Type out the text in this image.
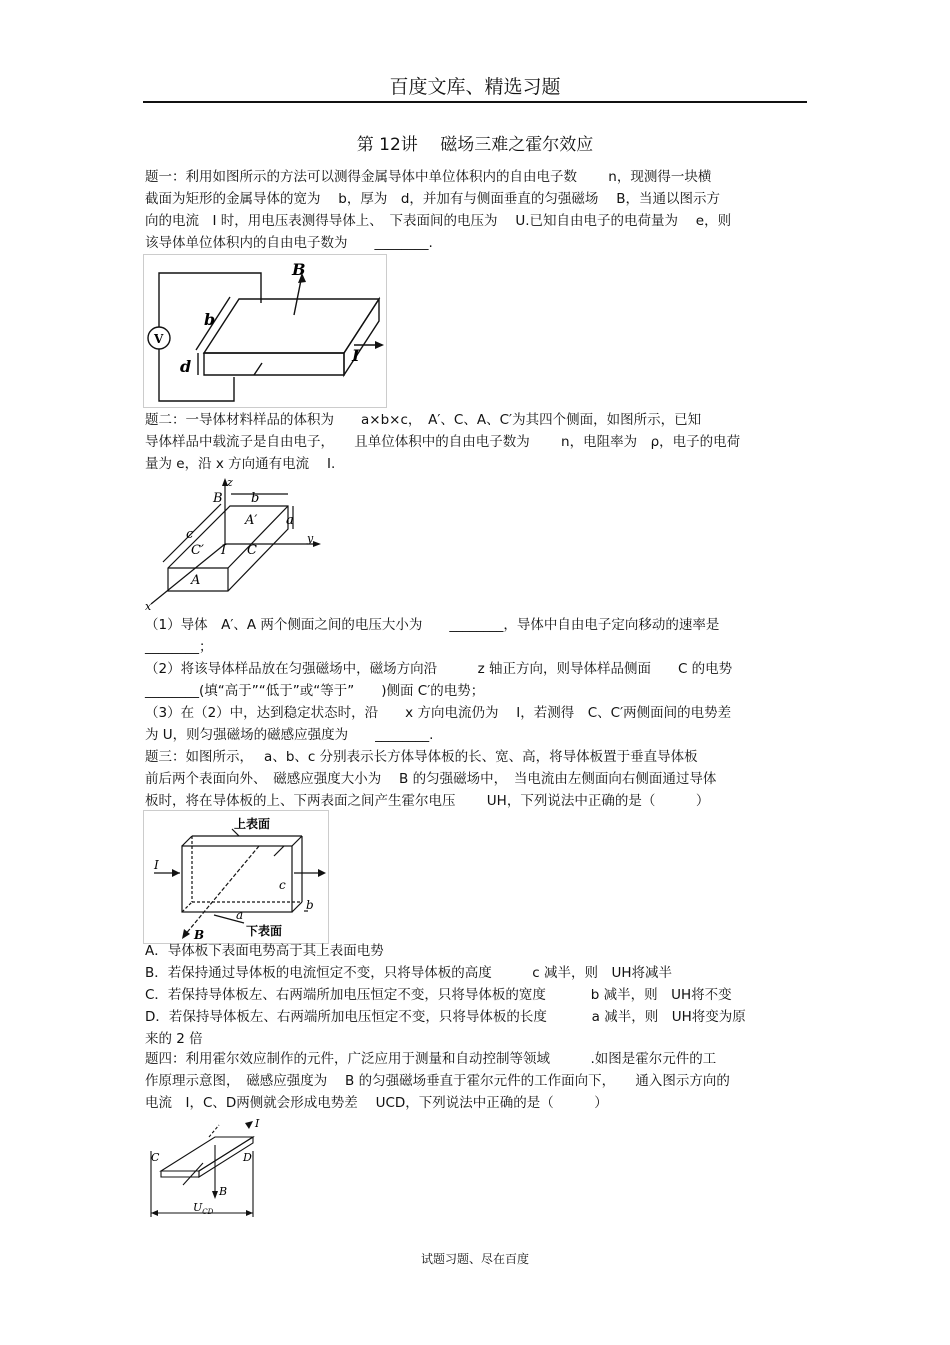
百度文库、精选习题
第 12讲　 磁场三难之霍尔效应
题一：利用如图所示的方法可以测得金属导体中单位体积内的自由电子数　　 n，现测得一块横
截面为矩形的金属导体的宽为　 b，厚为　d，并加有与侧面垂直的匀强磁场　 B，当通以图示方
向的电流　I 时，用电压表测得导体上、　下表面间的电压为　 U.已知自由电子的电荷量为　 e，则
该导体单位体积内的自由电子数为　　________.
B
V
b
d
I
题二：一导体材料样品的体积为　　a×b×c，　A′、C、A、C′为其四个侧面，如图所示，已知
导体样品中载流子是自由电子，　　且单位体积中的自由电子数为　　 n，电阻率为　ρ，电子的电荷
量为 e，沿 x 方向通有电流　 I.
z
y
x
B b
a
c
A′
C′ I C
A
（1）导体　A′、A 两个侧面之间的电压大小为　　________，导体中自由电子定向移动的速率是
________；
（2）将该导体样品放在匀强磁场中，磁场方向沿　　　z 轴正方向，则导体样品侧面　　C 的电势
________(填“高于”“低于”或“等于”　　)侧面 C′的电势；
（3）在（2）中，达到稳定状态时，沿　　x 方向电流仍为　 I，若测得　C、C′两侧面间的电势差
为 U，则匀强磁场的磁感应强度为　　________.
题三：如图所示，　 a、b、c 分别表示长方体导体板的长、宽、高，将导体板置于垂直导体板
前后两个表面向外、　磁感应强度大小为　 B 的匀强磁场中，　当电流由左侧面向右侧面通过导体
板时，将在导体板的上、下两表面之间产生霍尔电压　　 UH，下列说法中正确的是（　　　）
上表面
下表面
I
B
a
b
c
A．导体板下表面电势高于其上表面电势
B．若保持通过导体板的电流恒定不变，只将导体板的高度　　　c 减半，则　UH将减半
C．若保持导体板左、右两端所加电压恒定不变，只将导体板的宽度　　　 b 减半，则　UH将不变
D．若保持导体板左、右两端所加电压恒定不变，只将导体板的长度　　　 a 减半，则　UH将变为原
来的 2 倍
题四：利用霍尔效应制作的元件，广泛应用于测量和自动控制等领域　　　.如图是霍尔元件的工
作原理示意图，　磁感应强度为　 B 的匀强磁场垂直于霍尔元件的工作面向下，　　通入图示方向的
电流　I，C、D两侧就会形成电势差　 UCD，下列说法中正确的是（　　　）
I
C	D
B
$U_{CD}$
试题习题、尽在百度
